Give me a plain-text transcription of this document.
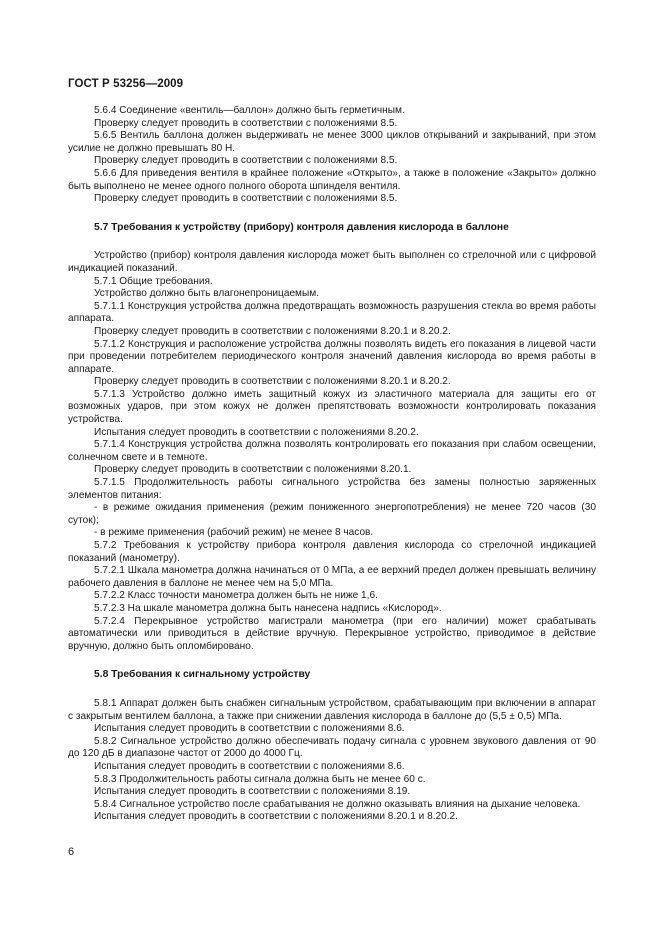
ГОСТ Р 53256—2009

5.6.4 Соединение «вентиль—баллон» должно быть герметичным.

Проверку следует проводить в соответствии с положениями 8.5.

5.6.5 Вентиль баллона должен выдерживать не менее 3000 циклов открываний и закрываний, при этом усилие не должно превышать 80 Н.

Проверку следует проводить в соответствии с положениями 8.5.

5.6.6 Для приведения вентиля в крайнее положение «Открыто», а также в положение «Закрыто» должно быть выполнено не менее одного полного оборота шпинделя вентиля.

Проверку следует проводить в соответствии с положениями 8.5.

5.7 Требования к устройству (прибору) контроля давления кислорода в баллоне

Устройство (прибор) контроля давления кислорода может быть выполнен со стрелочной или с цифровой индикацией показаний.

5.7.1 Общие требования.

Устройство должно быть влагонепроницаемым.

5.7.1.1 Конструкция устройства должна предотвращать возможность разрушения стекла во время работы аппарата.

Проверку следует проводить в соответствии с положениями 8.20.1 и 8.20.2.

5.7.1.2 Конструкция и расположение устройства должны позволять видеть его показания в лицевой части при проведении потребителем периодического контроля значений давления кислорода во время работы в аппарате.

Проверку следует проводить в соответствии с положениями 8.20.1 и 8.20.2.

5.7.1.3 Устройство должно иметь защитный кожух из эластичного материала для защиты его от возможных ударов, при этом кожух не должен препятствовать возможности контролировать показания устройства.

Испытания следует проводить в соответствии с положениями 8.20.2.

5.7.1.4 Конструкция устройства должна позволять контролировать его показания при слабом освещении, солнечном свете и в темноте.

Проверку следует проводить в соответствии с положениями 8.20.1.

5.7.1.5 Продолжительность работы сигнального устройства без замены полностью заряженных элементов питания:

- в режиме ожидания применения (режим пониженного энергопотребления) не менее 720 часов (30 суток);

- в режиме применения (рабочий режим) не менее 8 часов.

5.7.2 Требования к устройству прибора контроля давления кислорода со стрелочной индикацией показаний (манометру).

5.7.2.1 Шкала манометра должна начинаться от 0 МПа, а ее верхний предел должен превышать величину рабочего давления в баллоне не менее чем на 5,0 МПа.

5.7.2.2 Класс точности манометра должен быть не ниже 1,6.

5.7.2.3 На шкале манометра должна быть нанесена надпись «Кислород».

5.7.2.4 Перекрывное устройство магистрали манометра (при его наличии) может срабатывать автоматически или приводиться в действие вручную. Перекрывное устройство, приводимое в действие вручную, должно быть опломбировано.

5.8 Требования к сигнальному устройству

5.8.1 Аппарат должен быть снабжен сигнальным устройством, срабатывающим при включении в аппарат с закрытым вентилем баллона, а также при снижении давления кислорода в баллоне до (5,5 ± 0,5) МПа.

Испытания следует проводить в соответствии с положениями 8.6.

5.8.2 Сигнальное устройство должно обеспечивать подачу сигнала с уровнем звукового давления от 90 до 120 дБ в диапазоне частот от 2000 до 4000 Гц.

Испытания следует проводить в соответствии с положениями 8.6.

5.8.3 Продолжительность работы сигнала должна быть не менее 60 с.

Испытания следует проводить в соответствии с положениями 8.19.

5.8.4 Сигнальное устройство после срабатывания не должно оказывать влияния на дыхание человека.

Испытания следует проводить в соответствии с положениями 8.20.1 и 8.20.2.

6
